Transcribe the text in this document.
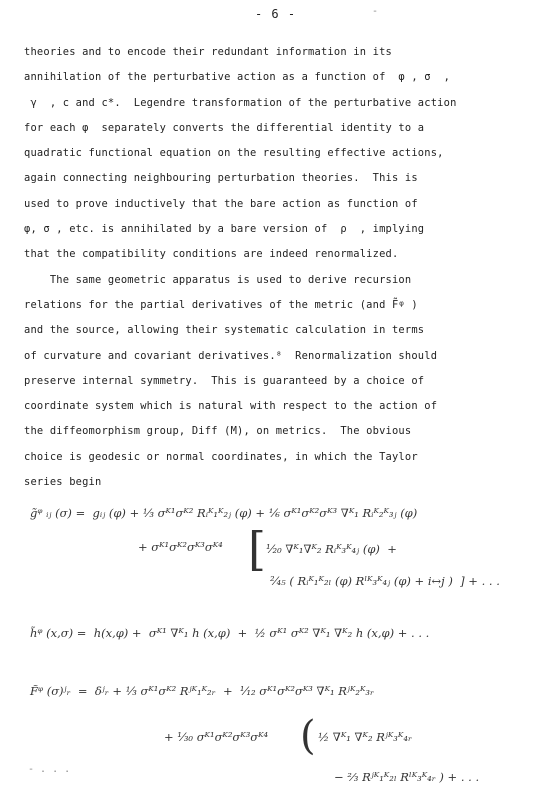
- 6 -	-
theories and to encode their redundant information in its
annihilation of the perturbative action as a function of  φ , σ  ,
γ  , c and c*.  Legendre transformation of the perturbative action
for each φ  separately converts the differential identity to a
quadratic functional equation on the resulting effective actions,
again connecting neighbouring perturbation theories.  This is
used to prove inductively that the bare action as function of
φ, σ , etc. is annihilated by a bare version of  ρ  , implying
that the compatibility conditions are indeed renormalized.
The same geometric apparatus is used to derive recursion
relations for the partial derivatives of the metric (and F̃ᵠ )
and the source, allowing their systematic calculation in terms
of curvature and covariant derivatives.⁸  Renormalization should
preserve internal symmetry.  This is guaranteed by a choice of
coordinate system which is natural with respect to the action of
the diffeomorphism group, Diff (M), on metrics.  The obvious
choice is geodesic or normal coordinates, in which the Taylor
series begin
g̃ᵠ ᵢⱼ (σ) =  gᵢⱼ (φ) + ⅓ σᴷ¹σᴷ² Rᵢᴷ₁ᴷ₂ⱼ (φ) + ⅙ σᴷ¹σᴷ²σᴷ³ ∇ᴷ₁ Rᵢᴷ₂ᴷ₃ⱼ (φ)
+ σᴷ¹σᴷ²σᴷ³σᴷ⁴ [ ¹⁄₂₀ ∇ᴷ₁∇ᴷ₂ Rᵢᴷ₃ᴷ₄ⱼ (φ)  +
²⁄₄₅ ( Rᵢᴷ₁ᴷ₂ₗ (φ) Rˡᴷ₃ᴷ₄ⱼ (φ) + i↔j )  ] + . . .
h̃ᵠ (x,σ) =  h(x,φ) +  σᴷ¹ ∇ᴷ₁ h (x,φ)  +  ½ σᴷ¹ σᴷ² ∇ᴷ₁ ∇ᴷ₂ h (x,φ) + . . .
F̃ᵠ (σ)ʲᵣ  =  δʲᵣ + ⅓ σᴷ¹σᴷ² Rʲᴷ₁ᴷ₂ᵣ  +  ¹⁄₁₂ σᴷ¹σᴷ²σᴷ³ ∇ᴷ₁ Rʲᴷ₂ᴷ₃ᵣ
+ ¹⁄₃₀ σᴷ¹σᴷ²σᴷ³σᴷ⁴ ( ½ ∇ᴷ₁ ∇ᴷ₂ Rʲᴷ₃ᴷ₄ᵣ
− ⅔ Rʲᴷ₁ᴷ₂ₗ Rˡᴷ₃ᴷ₄ᵣ ) + . . .
- . . .
